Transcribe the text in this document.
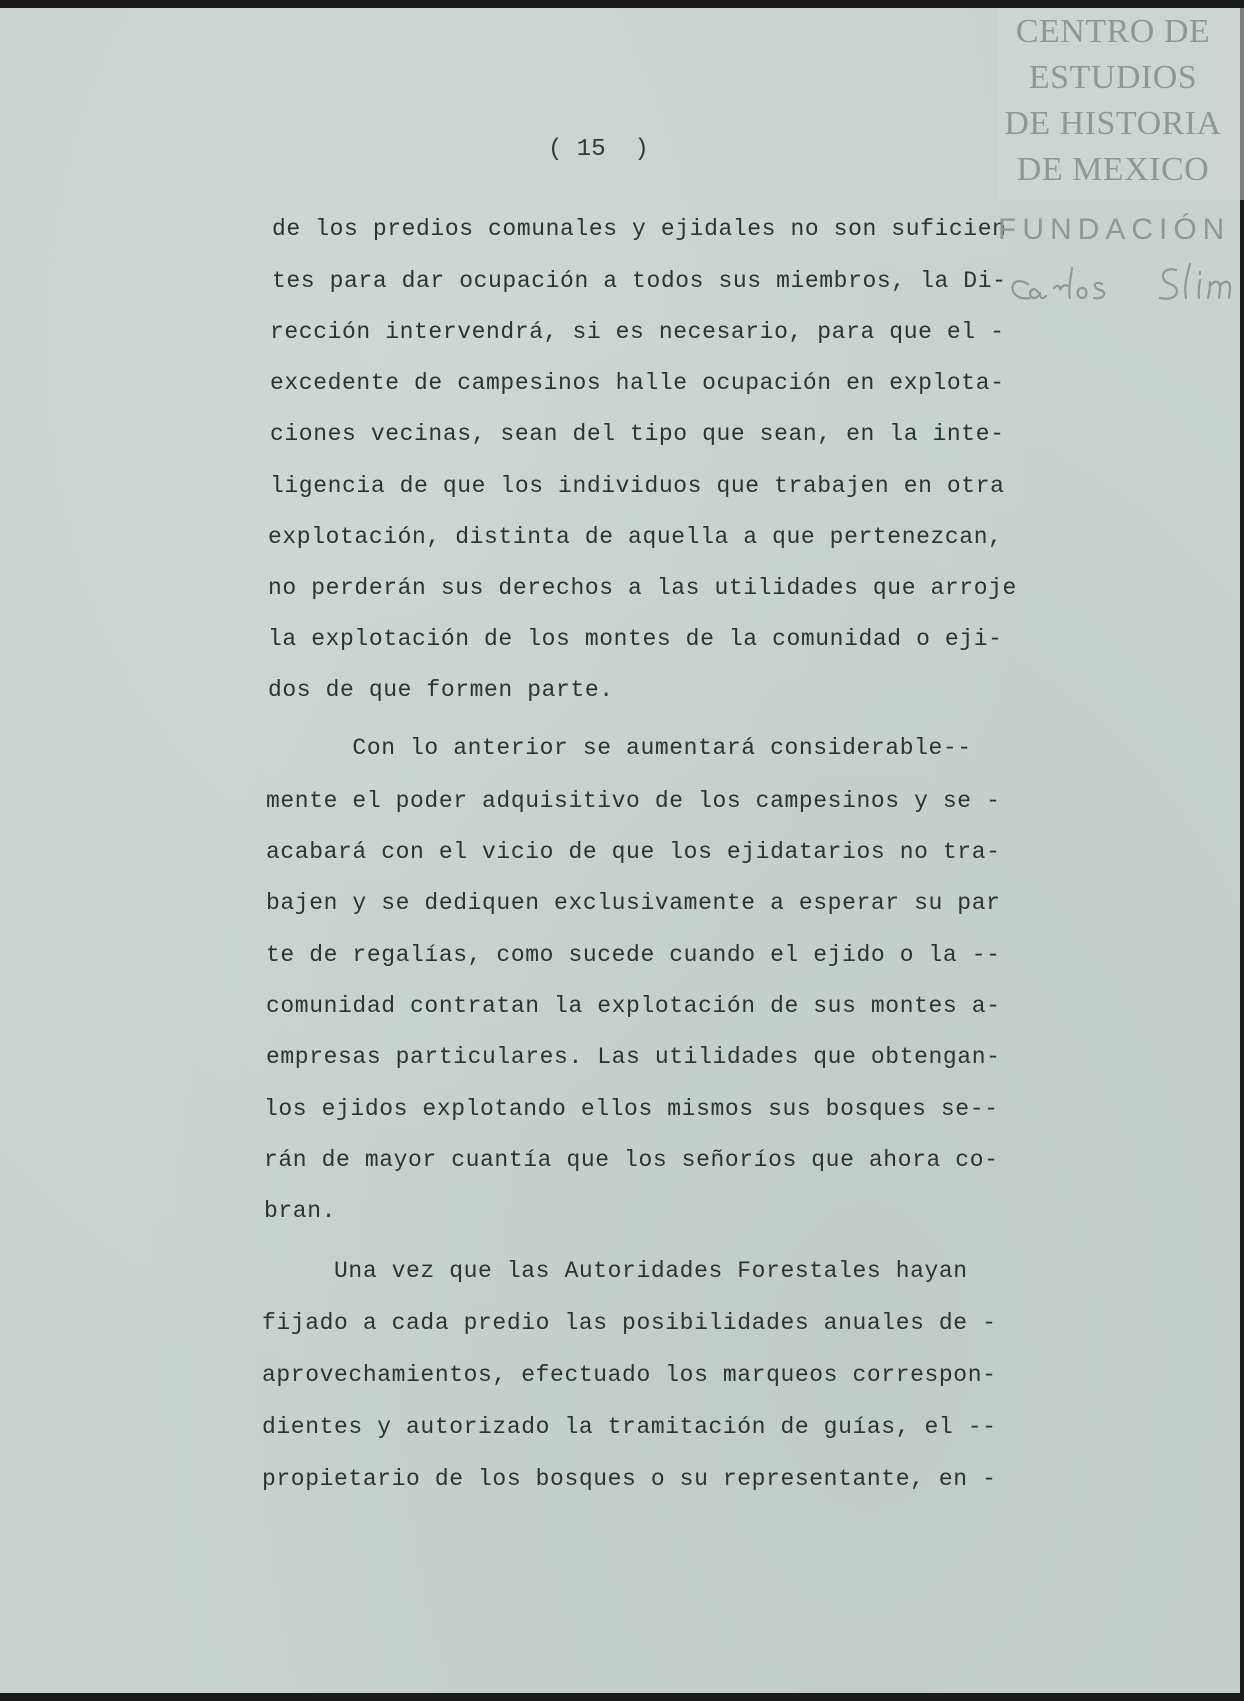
( 15  )
de los predios comunales y ejidales no son suficien
tes para dar ocupación a todos sus miembros, la Di-
rección intervendrá, si es necesario, para que el -
excedente de campesinos halle ocupación en explota-
ciones vecinas, sean del tipo que sean, en la inte-
ligencia de que los individuos que trabajen en otra
explotación, distinta de aquella a que pertenezcan,
no perderán sus derechos a las utilidades que arroje
la explotación de los montes de la comunidad o eji-
dos de que formen parte.
Con lo anterior se aumentará considerable--
mente el poder adquisitivo de los campesinos y se -
acabará con el vicio de que los ejidatarios no tra-
bajen y se dediquen exclusivamente a esperar su par
te de regalías, como sucede cuando el ejido o la --
comunidad contratan la explotación de sus montes a-
empresas particulares. Las utilidades que obtengan-
los ejidos explotando ellos mismos sus bosques se--
rán de mayor cuantía que los señoríos que ahora co-
bran.
Una vez que las Autoridades Forestales hayan
fijado a cada predio las posibilidades anuales de -
aprovechamientos, efectuado los marqueos correspon-
dientes y autorizado la tramitación de guías, el --
propietario de los bosques o su representante, en -
CENTRO DE
ESTUDIOS
DE HISTORIA
DE MEXICO
FUNDACIÓN
